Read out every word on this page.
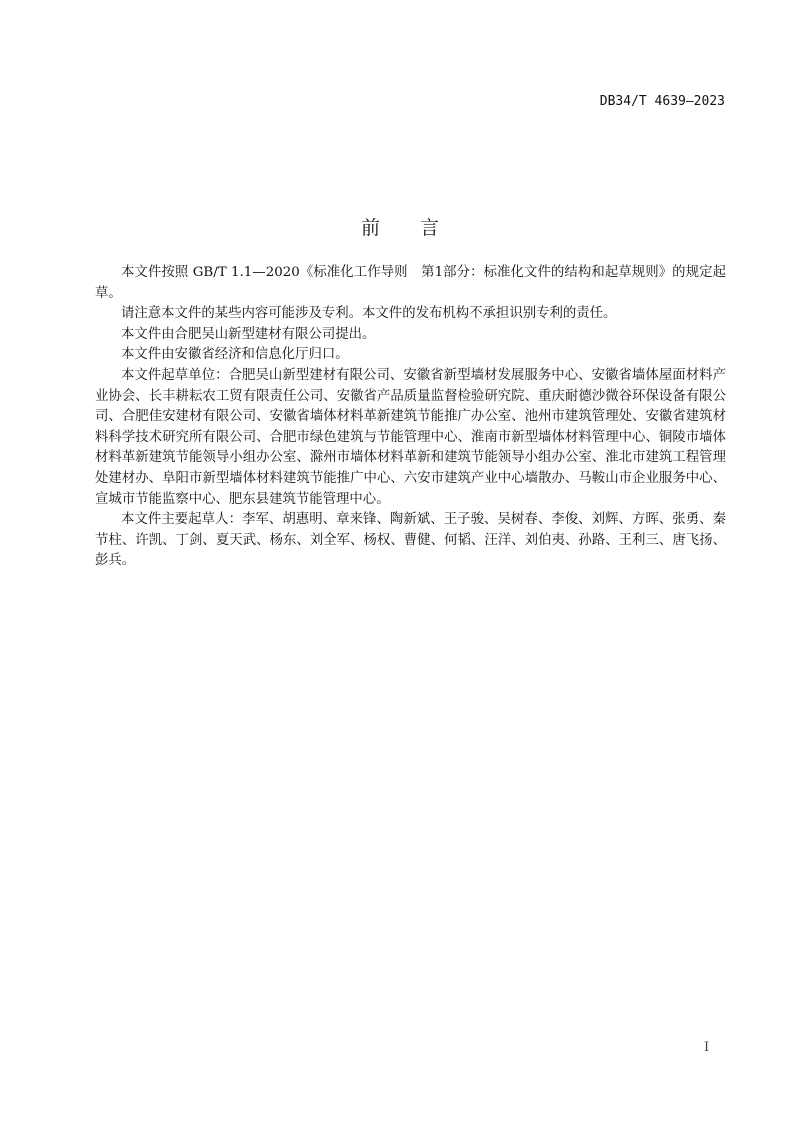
DB34/T 4639—2023
前 言

本文件按照 GB/T 1.1—2020《标准化工作导则　第1部分：标准化文件的结构和起草规则》的规定起草。

请注意本文件的某些内容可能涉及专利。本文件的发布机构不承担识别专利的责任。

本文件由合肥吴山新型建材有限公司提出。

本文件由安徽省经济和信息化厅归口。

本文件起草单位：合肥吴山新型建材有限公司、安徽省新型墙材发展服务中心、安徽省墙体屋面材料产业协会、长丰耕耘农工贸有限责任公司、安徽省产品质量监督检验研究院、重庆耐德沙微谷环保设备有限公司、合肥佳安建材有限公司、安徽省墙体材料革新建筑节能推广办公室、池州市建筑管理处、安徽省建筑材料科学技术研究所有限公司、合肥市绿色建筑与节能管理中心、淮南市新型墙体材料管理中心、铜陵市墙体材料革新建筑节能领导小组办公室、滁州市墙体材料革新和建筑节能领导小组办公室、淮北市建筑工程管理处建材办、阜阳市新型墙体材料建筑节能推广中心、六安市建筑产业中心墙散办、马鞍山市企业服务中心、宣城市节能监察中心、肥东县建筑节能管理中心。

本文件主要起草人：李军、胡惠明、章来锋、陶新斌、王子骏、吴树春、李俊、刘辉、方晖、张勇、秦节柱、许凯、丁剑、夏天武、杨东、刘全军、杨权、曹健、何韬、汪洋、刘伯夷、孙路、王利三、唐飞扬、彭兵。

I
